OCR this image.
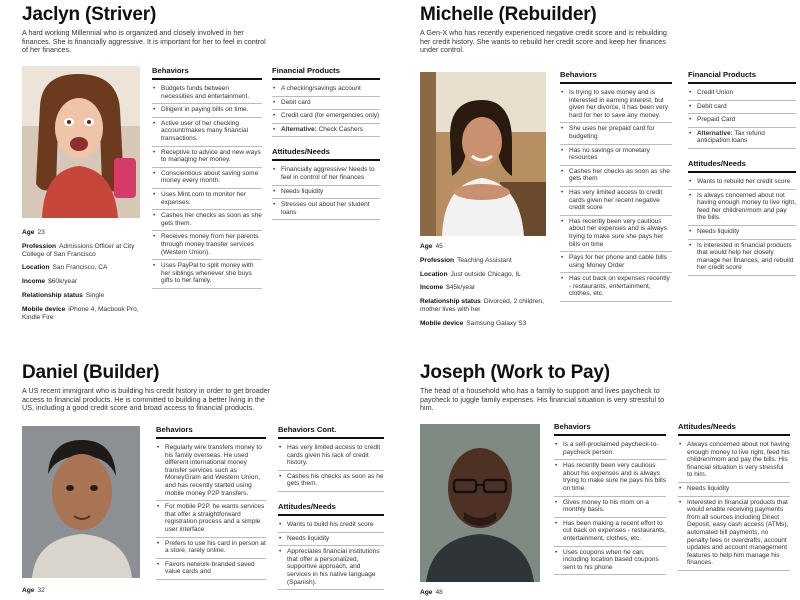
Jaclyn (Striver)
A hard working Millennial who is organized and closely involved in her finances. She is financially aggressive. It is important for her to feel in control of her finances.
Age 23
Profession Admissions Officer at City College of San Francisco
Location San Francisco, CA
Income $60k/year
Relationship status Single
Mobile device iPhone 4, Macbook Pro, Kindle Fire
Behaviors
• Budgets funds between necessities and entertainment.
• Diligent in paying bills on time.
• Active user of her checking account/makes many financial transactions.
• Receptive to advice and new ways to managing her money.
• Conscientious about saving some money every month.
• Uses Mint.com to monitor her expenses.
• Cashes her checks as soon as she gets them.
• Receives money from her parents through money transfer services (Western Union).
• Uses PayPal to split money with her siblings whenever she buys gifts to her family.
Financial Products
• A checking/savings account
• Debit card
• Credit card (for emergencies only)
• Alternative: Check Cashers
Attitudes/Needs
• Financially aggressive/ Needs to feel in control of her finances
• Needs liquidity
• Stresses out about her student loans
Michelle (Rebuilder)
A Gen-X who has recently experienced negative credit score and is rebuilding her credit history. She wants to rebuild her credit score and keep her finances under control.
Age 45
Profession Teaching Assistant
Location Just outside Chicago, IL
Income $45k/year
Relationship status Divorced, 2 children, mother lives with her
Mobile device Samsung Galaxy S3
Behaviors
• Is trying to save money and is interested in earning interest, but given her divorce, it has been very hard for her to save any money.
• She uses her prepaid card for budgeting
• Has no savings or monetary resources
• Cashes her checks as soon as she gets them
• Has very limited access to credit cards given her recent negative credit score
• Has recently been very cautious about her expenses and is always trying to make sure she pays her bills on time
• Pays for her phone and cable bills using Money Order
• Has cut back on expenses recently - restaurants, entertainment, clothes, etc.
Financial Products
• Credit Union
• Debit card
• Prepaid Card
• Alternative: Tax refund anticipation loans
Attitudes/Needs
• Wants to rebuild her credit score
• Is always concerned about not having enough money to live right, feed her children/mom and pay the bills.
• Needs liquidity
• Is interested in financial products that would help her closely manage her finances, and rebuild her credit score
Daniel (Builder)
A US recent immigrant who is building his credit history in order to get broader access to financial products. He is committed to building a better living in the US, including a good credit score and broad access to financial products.
Age 32
Behaviors
• Regularly wire transfers money to his family overseas. He used different international money transfer services such as MoneyGram and Western Union, and has recently started using mobile money P2P transfers.
• For mobile P2P, he wants services that offer a straightforward registration process and a simple user interface
• Prefers to use his card in person at a store, rarely online.
• Favors network-branded saved value cards and
Behaviors Cont.
• Has very limited access to credit cards given his lack of credit history.
• Cashes his checks as soon as he gets them.
Attitudes/Needs
• Wants to build his credit score
• Needs liquidity
• Appreciates financial institutions that offer a personalized, supportive approach, and services in his native language (Spanish).
Joseph (Work to Pay)
The head of a household who has a family to support and lives paycheck to paycheck to juggle family expenses. His financial situation is very stressful to him.
Age 48
Behaviors
• Is a self-proclaimed paycheck-to-paycheck person.
• Has recently been very cautious about his expenses and is always trying to make sure he pays his bills on time.
• Gives money to his mom on a monthly basis.
• Has been making a recent effort to cut back on expenses - restaurants, entertainment, clothes, etc.
• Uses coupons when he can, including location based coupons sent to his phone
Attitudes/Needs
• Always concerned about not having enough money to live right, feed his children/mom and pay the bills. His financial situation is very stressful to him.
• Needs liquidity
• Interested in financial products that would enable receiving payments from all sources including Direct Deposit, easy cash access (ATMs), automated bill payments, no penalty fees or overdrafts, account updates and account management features to help him manage his finances.
